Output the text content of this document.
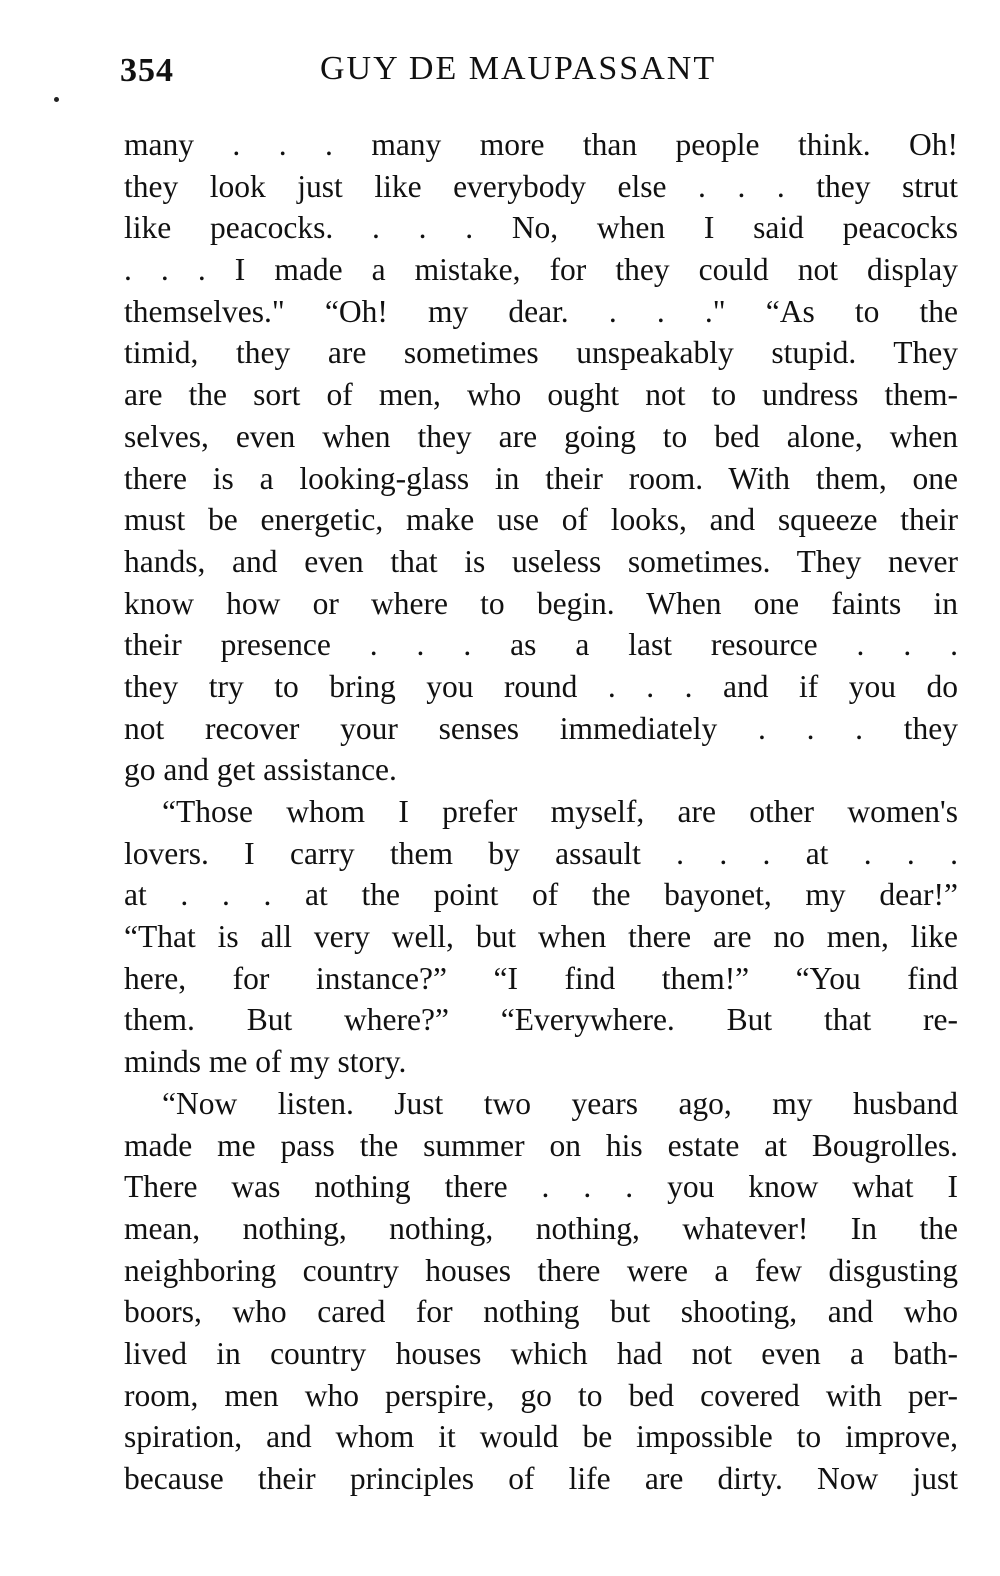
354	GUY DE MAUPASSANT
many . . . many more than people think. Oh!
they look just like everybody else . . . they strut
like peacocks. . . . No, when I said peacocks
. . . I made a mistake, for they could not display
themselves." “Oh! my dear. . . ." “As to the
timid, they are sometimes unspeakably stupid. They
are the sort of men, who ought not to undress them-
selves, even when they are going to bed alone, when
there is a looking-glass in their room. With them, one
must be energetic, make use of looks, and squeeze their
hands, and even that is useless sometimes. They never
know how or where to begin. When one faints in
their presence . . . as a last resource . . .
they try to bring you round . . . and if you do
not recover your senses immediately . . . they
go and get assistance.
“Those whom I prefer myself, are other women's
lovers. I carry them by assault . . . at . . .
at . . . at the point of the bayonet, my dear!”
“That is all very well, but when there are no men, like
here, for instance?” “I find them!” “You find
them. But where?” “Everywhere. But that re-
minds me of my story.
“Now listen. Just two years ago, my husband
made me pass the summer on his estate at Bougrolles.
There was nothing there . . . you know what I
mean, nothing, nothing, nothing, whatever! In the
neighboring country houses there were a few disgusting
boors, who cared for nothing but shooting, and who
lived in country houses which had not even a bath-
room, men who perspire, go to bed covered with per-
spiration, and whom it would be impossible to improve,
because their principles of life are dirty. Now just
